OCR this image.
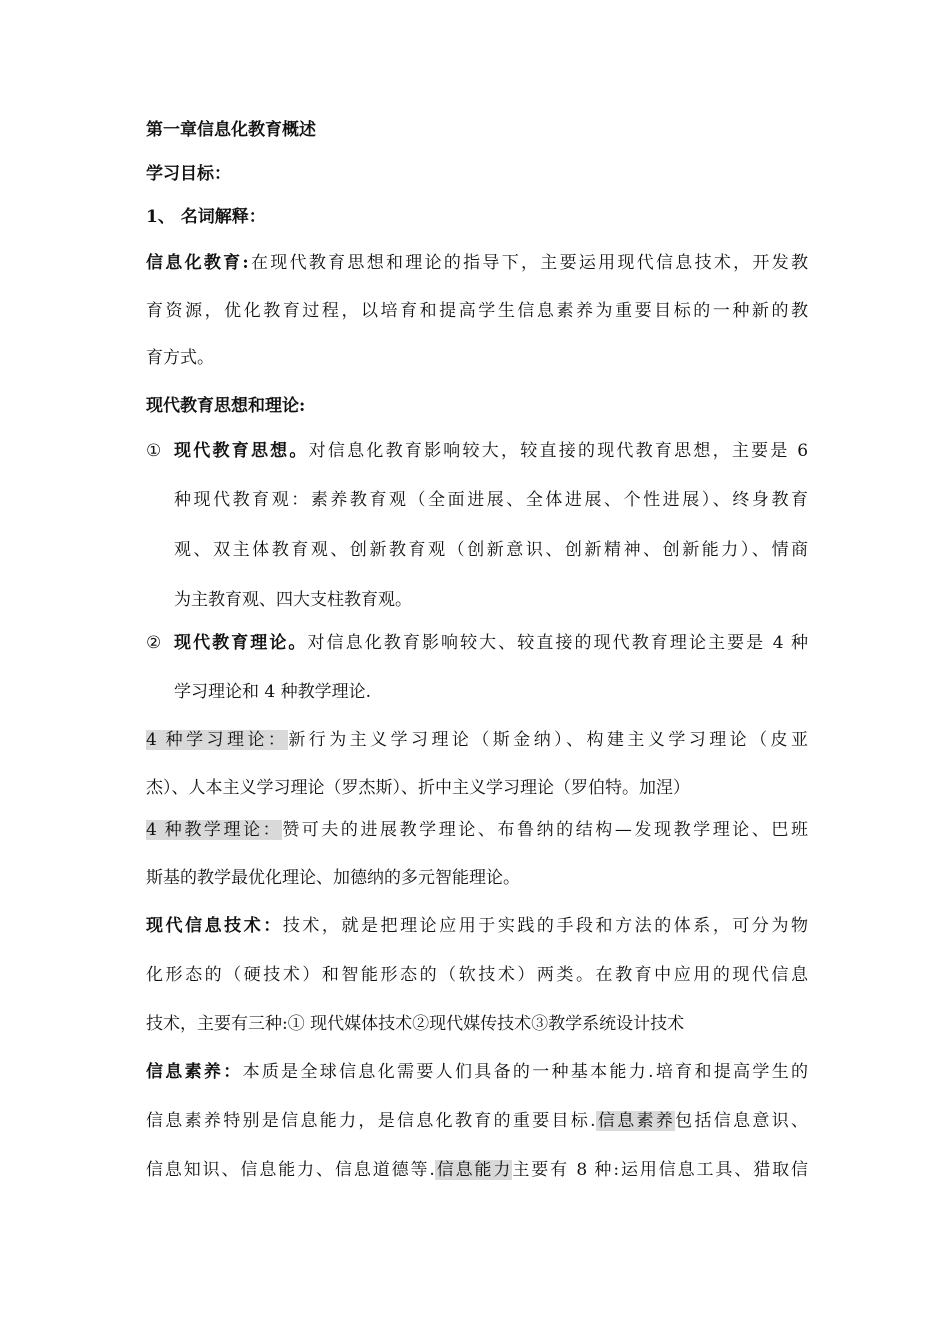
第一章信息化教育概述
学习目标：
1、 名词解释：
信息化教育:在现代教育思想和理论的指导下，主要运用现代信息技术，开发教
育资源，优化教育过程，以培育和提高学生信息素养为重要目标的一种新的教
育方式。
现代教育思想和理论:
① 现代教育思想。对信息化教育影响较大，较直接的现代教育思想，主要是 6
种现代教育观：素养教育观（全面进展、全体进展、个性进展）、终身教育
观、双主体教育观、创新教育观（创新意识、创新精神、创新能力）、情商
为主教育观、四大支柱教育观。
② 现代教育理论。对信息化教育影响较大、较直接的现代教育理论主要是 4 种
学习理论和 4 种教学理论.
4 种学习理论：新行为主义学习理论（斯金纳）、构建主义学习理论（皮亚
杰）、人本主义学习理论（罗杰斯）、折中主义学习理论（罗伯特。加涅）
4 种教学理论：赞可夫的进展教学理论、布鲁纳的结构—发现教学理论、巴班
斯基的教学最优化理论、加德纳的多元智能理论。
现代信息技术：技术，就是把理论应用于实践的手段和方法的体系，可分为物
化形态的（硬技术）和智能形态的（软技术）两类。在教育中应用的现代信息
技术，主要有三种:① 现代媒体技术②现代媒传技术③教学系统设计技术
信息素养：本质是全球信息化需要人们具备的一种基本能力.培育和提高学生的
信息素养特别是信息能力，是信息化教育的重要目标.信息素养包括信息意识、
信息知识、信息能力、信息道德等.信息能力主要有 8 种:运用信息工具、猎取信
